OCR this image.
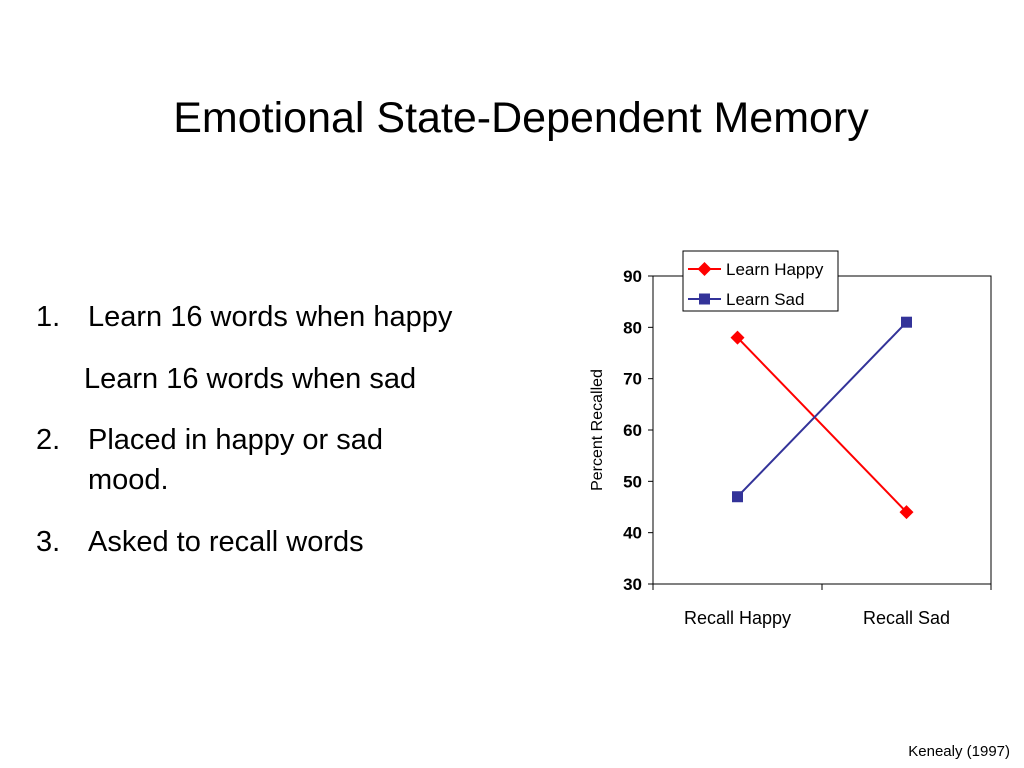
Emotional State-Dependent Memory
1. Learn 16 words when happy
Learn 16 words when sad
2. Placed in happy or sad mood.
3. Asked to recall words
90
80
70
60
50
40
30
Recall Happy	Recall Sad
Percent Recalled
Learn Happy
Learn Sad
Kenealy (1997)
